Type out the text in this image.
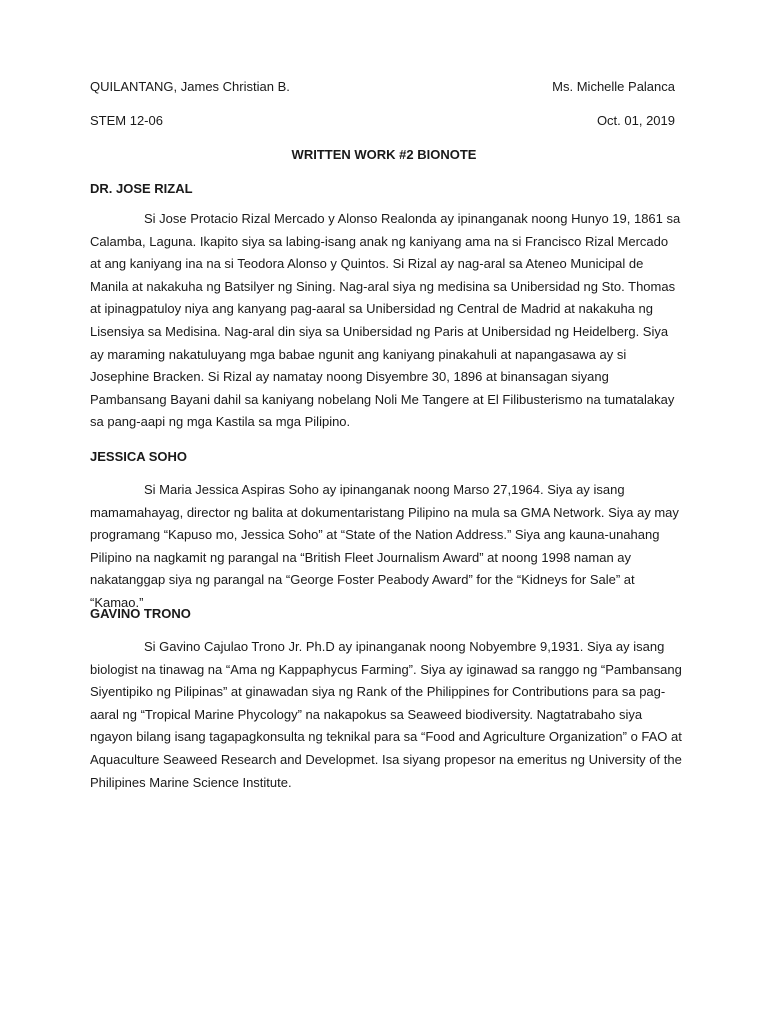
QUILANTANG, James Christian B.	Ms. Michelle Palanca
STEM 12-06	Oct. 01, 2019
WRITTEN WORK #2 BIONOTE
DR. JOSE RIZAL

Si Jose Protacio Rizal Mercado y Alonso Realonda ay ipinanganak noong Hunyo 19, 1861 sa Calamba, Laguna. Ikapito siya sa labing-isang anak ng kaniyang ama na si Francisco Rizal Mercado at ang kaniyang ina na si Teodora Alonso y Quintos. Si Rizal ay nag-aral sa Ateneo Municipal de Manila at nakakuha ng Batsilyer ng Sining. Nag-aral siya ng medisina sa Unibersidad ng Sto. Thomas at ipinagpatuloy niya ang kanyang pag-aaral sa Unibersidad ng Central de Madrid at nakakuha ng Lisensiya sa Medisina. Nag-aral din siya sa Unibersidad ng Paris at Unibersidad ng Heidelberg. Siya ay maraming nakatuluyang mga babae ngunit ang kaniyang pinakahuli at napangasawa ay si Josephine Bracken. Si Rizal ay namatay noong Disyembre 30, 1896 at binansagan siyang Pambansang Bayani dahil sa kaniyang nobelang Noli Me Tangere at El Filibusterismo na tumatalakay sa pang-aapi ng mga Kastila sa mga Pilipino.

JESSICA SOHO

Si Maria Jessica Aspiras Soho ay ipinanganak noong Marso 27,1964. Siya ay isang mamamahayag, director ng balita at dokumentaristang Pilipino na mula sa GMA Network. Siya ay may programang “Kapuso mo, Jessica Soho” at “State of the Nation Address.” Siya ang kauna-unahang Pilipino na nagkamit ng parangal na “British Fleet Journalism Award” at noong 1998 naman ay nakatanggap siya ng parangal na “George Foster Peabody Award” for the “Kidneys for Sale” at “Kamao.”

GAVINO TRONO

Si Gavino Cajulao Trono Jr. Ph.D ay ipinanganak noong Nobyembre 9,1931. Siya ay isang biologist na tinawag na “Ama ng Kappaphycus Farming”. Siya ay iginawad sa ranggo ng “Pambansang Siyentipiko ng Pilipinas” at ginawadan siya ng Rank of the Philippines for Contributions para sa pag-aaral ng “Tropical Marine Phycology” na nakapokus sa Seaweed biodiversity. Nagtatrabaho siya ngayon bilang isang tagapagkonsulta ng teknikal para sa “Food and Agriculture Organization” o FAO at Aquaculture Seaweed Research and Developmet. Isa siyang propesor na emeritus ng University of the Philipines Marine Science Institute.
